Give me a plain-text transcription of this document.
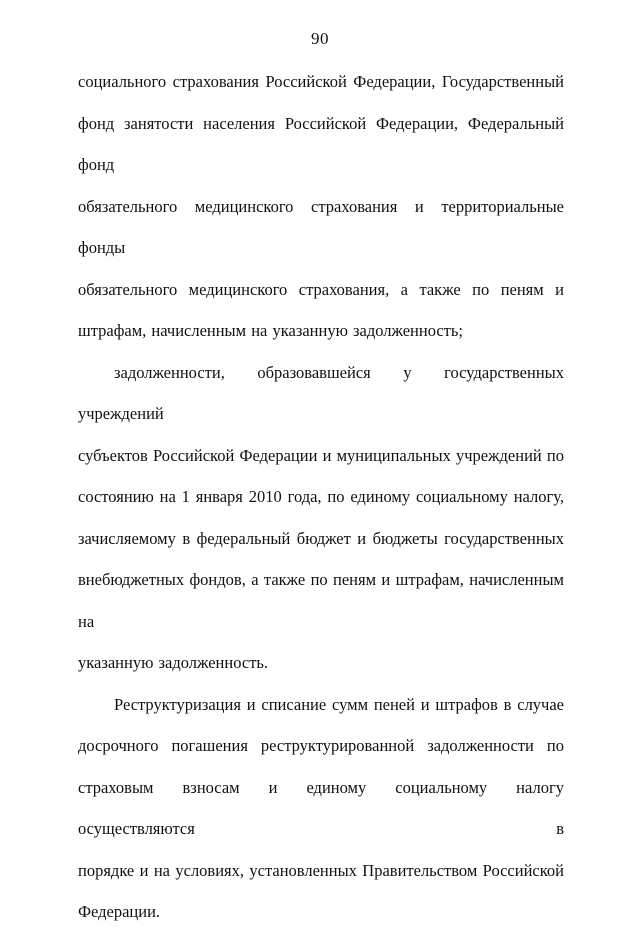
90
социального страхования Российской Федерации, Государственный
фонд занятости населения Российской Федерации, Федеральный фонд
обязательного медицинского страхования и территориальные фонды
обязательного медицинского страхования, а также по пеням и
штрафам, начисленным на указанную задолженность;
задолженности, образовавшейся у государственных учреждений
субъектов Российской Федерации и муниципальных учреждений по
состоянию на 1 января 2010 года, по единому социальному налогу,
зачисляемому в федеральный бюджет и бюджеты государственных
внебюджетных фондов, а также по пеням и штрафам, начисленным на
указанную задолженность.
Реструктуризация и списание сумм пеней и штрафов в случае
досрочного погашения реструктурированной задолженности по
страховым взносам и единому социальному налогу осуществляются в
порядке и на условиях, установленных Правительством Российской
Федерации.
